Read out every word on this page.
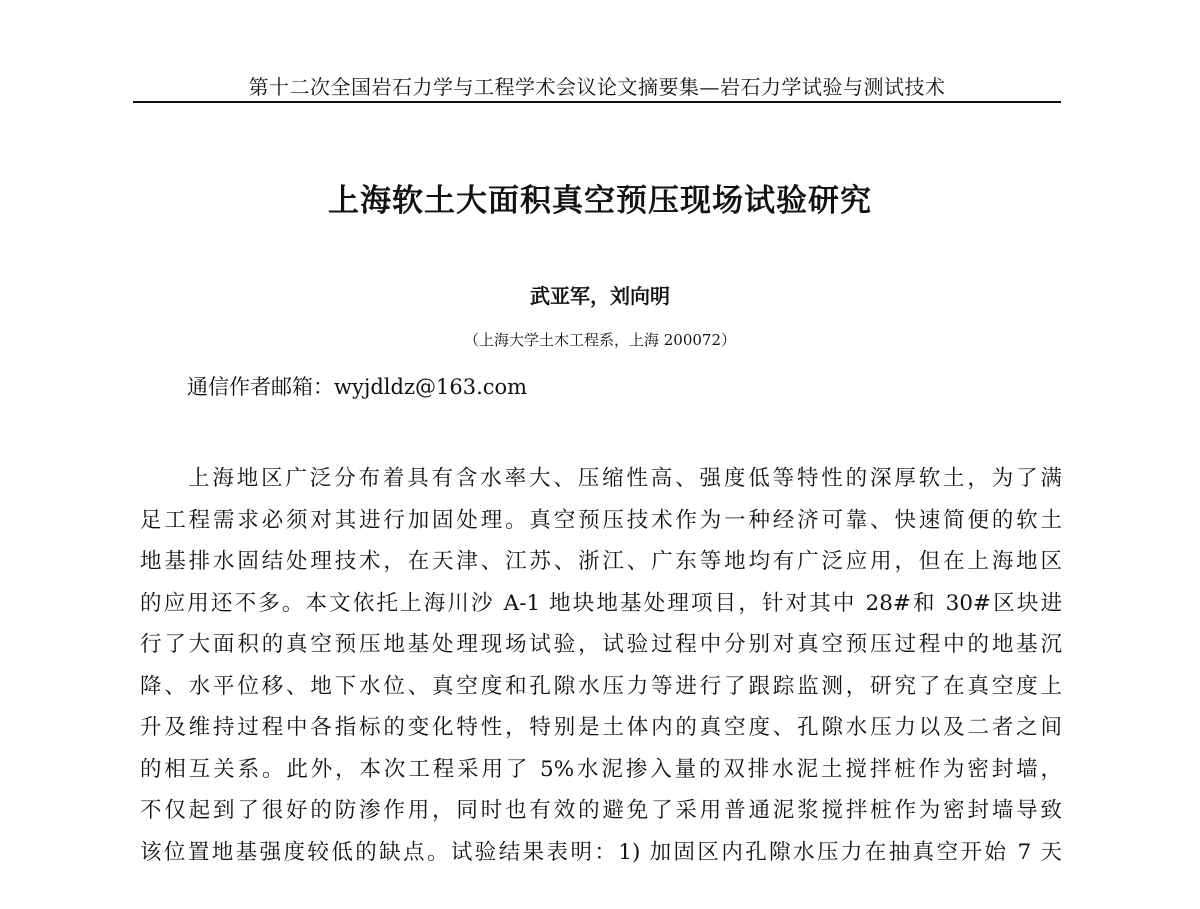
第十二次全国岩石力学与工程学术会议论文摘要集—岩石力学试验与测试技术
上海软土大面积真空预压现场试验研究
武亚军，刘向明
（上海大学土木工程系，上海 200072）
通信作者邮箱：wyjdldz@163.com
上海地区广泛分布着具有含水率大、压缩性高、强度低等特性的深厚软土，为了满
足工程需求必须对其进行加固处理。真空预压技术作为一种经济可靠、快速简便的软土
地基排水固结处理技术，在天津、江苏、浙江、广东等地均有广泛应用，但在上海地区
的应用还不多。本文依托上海川沙 A-1 地块地基处理项目，针对其中 28#和 30#区块进
行了大面积的真空预压地基处理现场试验，试验过程中分别对真空预压过程中的地基沉
降、水平位移、地下水位、真空度和孔隙水压力等进行了跟踪监测，研究了在真空度上
升及维持过程中各指标的变化特性，特别是土体内的真空度、孔隙水压力以及二者之间
的相互关系。此外，本次工程采用了 5%水泥掺入量的双排水泥土搅拌桩作为密封墙，
不仅起到了很好的防渗作用，同时也有效的避免了采用普通泥浆搅拌桩作为密封墙导致
该位置地基强度较低的缺点。试验结果表明：1) 加固区内孔隙水压力在抽真空开始 7 天
